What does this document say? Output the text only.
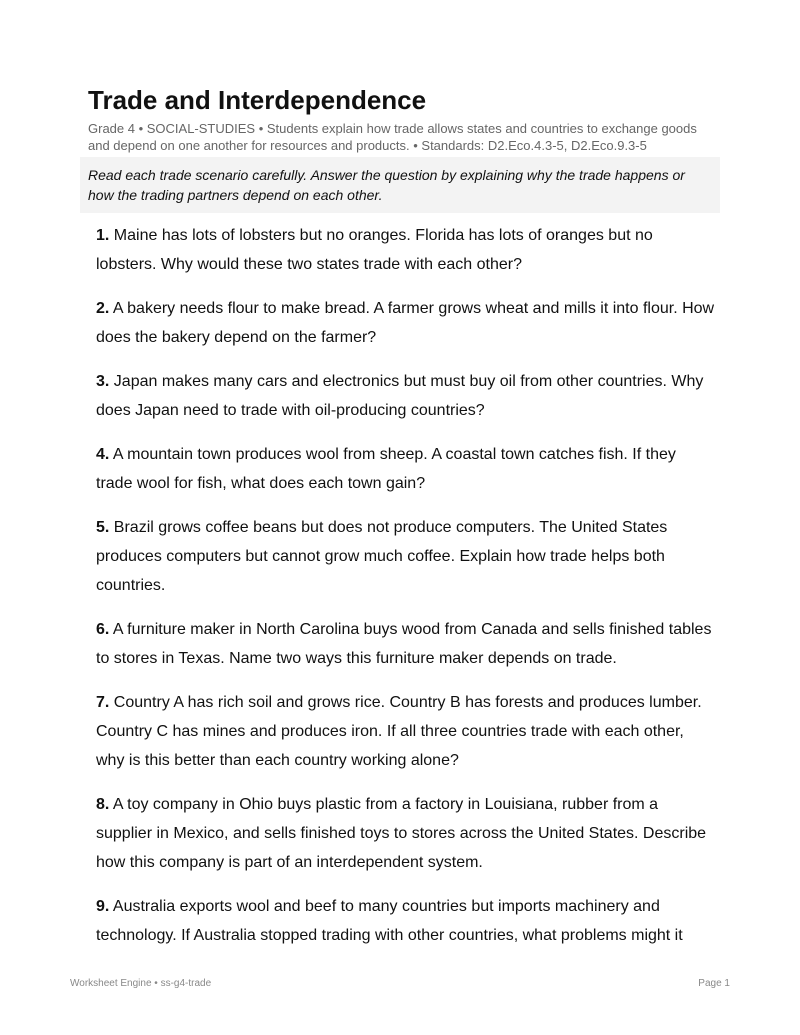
Trade and Interdependence
Grade 4 • SOCIAL-STUDIES • Students explain how trade allows states and countries to exchange goods and depend on one another for resources and products. • Standards: D2.Eco.4.3-5, D2.Eco.9.3-5
Read each trade scenario carefully. Answer the question by explaining why the trade happens or how the trading partners depend on each other.

1. Maine has lots of lobsters but no oranges. Florida has lots of oranges but no lobsters. Why would these two states trade with each other?

2. A bakery needs flour to make bread. A farmer grows wheat and mills it into flour. How does the bakery depend on the farmer?

3. Japan makes many cars and electronics but must buy oil from other countries. Why does Japan need to trade with oil-producing countries?

4. A mountain town produces wool from sheep. A coastal town catches fish. If they trade wool for fish, what does each town gain?

5. Brazil grows coffee beans but does not produce computers. The United States produces computers but cannot grow much coffee. Explain how trade helps both countries.

6. A furniture maker in North Carolina buys wood from Canada and sells finished tables to stores in Texas. Name two ways this furniture maker depends on trade.

7. Country A has rich soil and grows rice. Country B has forests and produces lumber. Country C has mines and produces iron. If all three countries trade with each other, why is this better than each country working alone?

8. A toy company in Ohio buys plastic from a factory in Louisiana, rubber from a supplier in Mexico, and sells finished toys to stores across the United States. Describe how this company is part of an interdependent system.

9. Australia exports wool and beef to many countries but imports machinery and technology. If Australia stopped trading with other countries, what problems might it

Worksheet Engine • ss-g4-trade	Page 1
